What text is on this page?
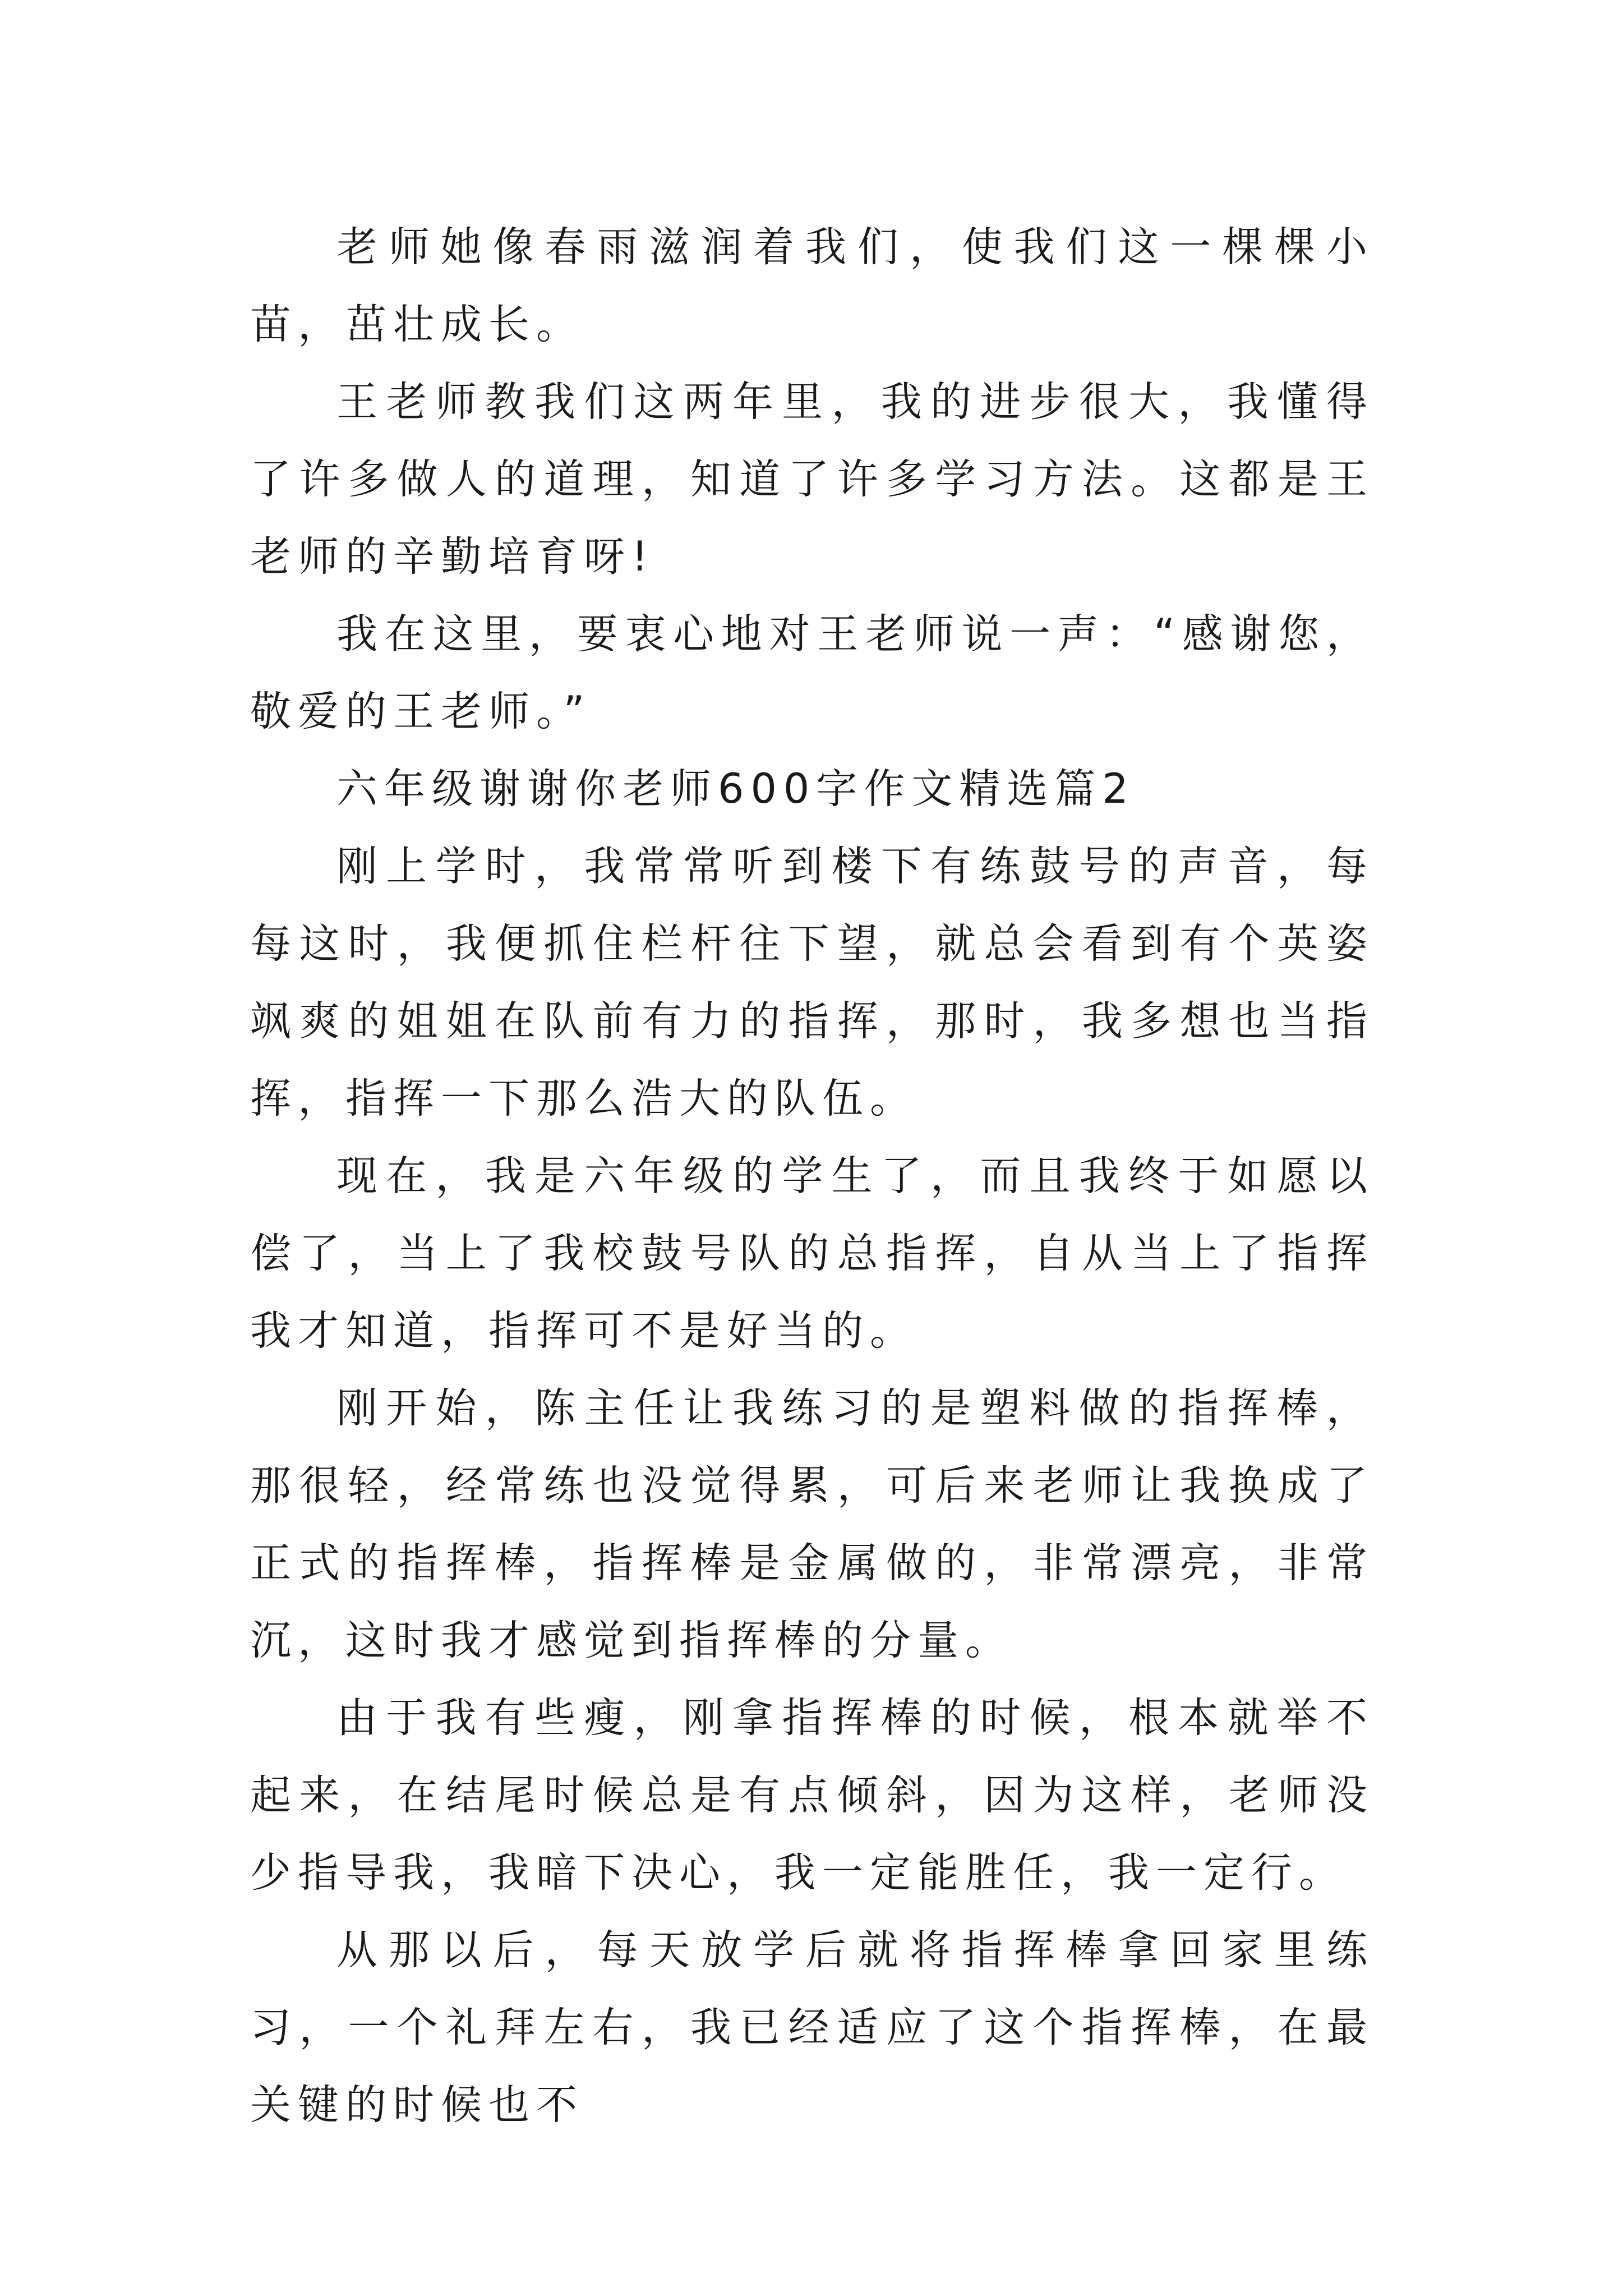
老师她像春雨滋润着我们，使我们这一棵棵小苗，茁壮成长。

王老师教我们这两年里，我的进步很大，我懂得了许多做人的道理，知道了许多学习方法。这都是王老师的辛勤培育呀!

我在这里，要衷心地对王老师说一声：“感谢您，敬爱的王老师。”

六年级谢谢你老师600字作文精选篇2

刚上学时，我常常听到楼下有练鼓号的声音，每每这时，我便抓住栏杆往下望，就总会看到有个英姿飒爽的姐姐在队前有力的指挥，那时，我多想也当指挥，指挥一下那么浩大的队伍。

现在，我是六年级的学生了，而且我终于如愿以偿了，当上了我校鼓号队的总指挥，自从当上了指挥我才知道，指挥可不是好当的。

刚开始，陈主任让我练习的是塑料做的指挥棒，那很轻，经常练也没觉得累，可后来老师让我换成了正式的指挥棒，指挥棒是金属做的，非常漂亮，非常沉，这时我才感觉到指挥棒的分量。

由于我有些瘦，刚拿指挥棒的时候，根本就举不起来，在结尾时候总是有点倾斜，因为这样，老师没少指导我，我暗下决心，我一定能胜任，我一定行。

从那以后，每天放学后就将指挥棒拿回家里练习，一个礼拜左右，我已经适应了这个指挥棒，在最关键的时候也不
